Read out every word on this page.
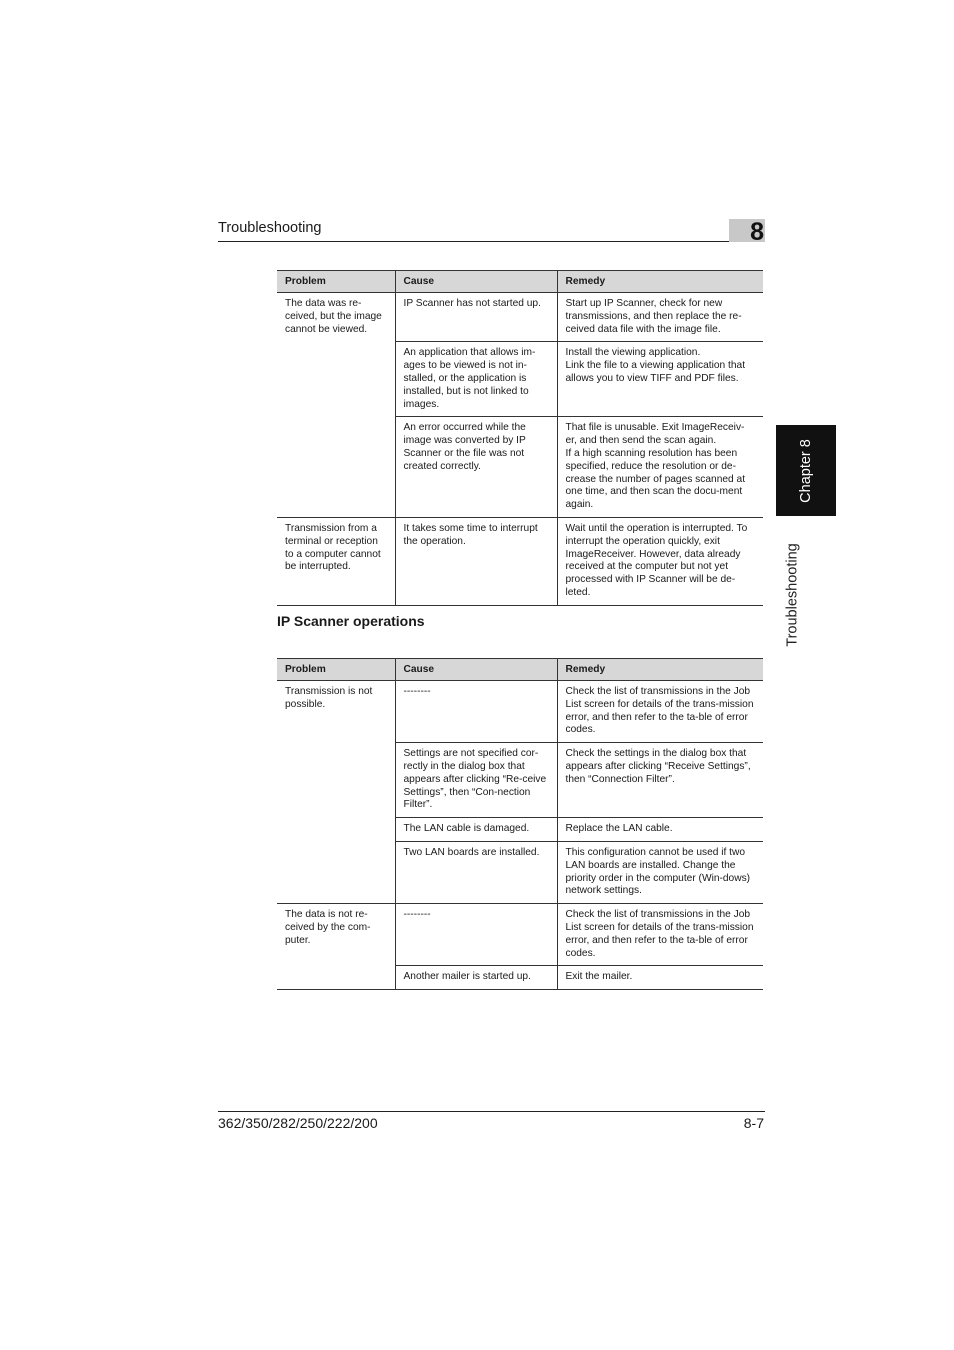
Troubleshooting	8
Chapter 8
Troubleshooting
Problem	Cause	Remedy
The data was re-ceived, but the image cannot be viewed.	IP Scanner has not started up.	Start up IP Scanner, check for new transmissions, and then replace the re-ceived data file with the image file.

	An application that allows im-ages to be viewed is not in-stalled, or the application is installed, but is not linked to images.	Install the viewing application.
Link the file to a viewing application that allows you to view TIFF and PDF files.

	An error occurred while the image was converted by IP Scanner or the file was not created correctly.	That file is unusable. Exit ImageReceiv-er, and then send the scan again.
If a high scanning resolution has been specified, reduce the resolution or de-crease the number of pages scanned at one time, and then scan the docu-ment again.

Transmission from a terminal or reception to a computer cannot be interrupted.	It takes some time to interrupt the operation.	Wait until the operation is interrupted. To interrupt the operation quickly, exit ImageReceiver. However, data already received at the computer but not yet processed with IP Scanner will be de-leted.
IP Scanner operations
Problem	Cause	Remedy
Transmission is not possible.	--------	Check the list of transmissions in the Job List screen for details of the trans-mission error, and then refer to the ta-ble of error codes.

	Settings are not specified cor-rectly in the dialog box that appears after clicking “Re-ceive Settings”, then “Con-nection Filter”.	Check the settings in the dialog box that appears after clicking “Receive Settings”, then “Connection Filter”.

	The LAN cable is damaged.	Replace the LAN cable.

	Two LAN boards are installed.	This configuration cannot be used if two LAN boards are installed. Change the priority order in the computer (Win-dows) network settings.

The data is not re-ceived by the com-puter.	--------	Check the list of transmissions in the Job List screen for details of the trans-mission error, and then refer to the ta-ble of error codes.

	Another mailer is started up.	Exit the mailer.
362/350/282/250/222/200	8-7
